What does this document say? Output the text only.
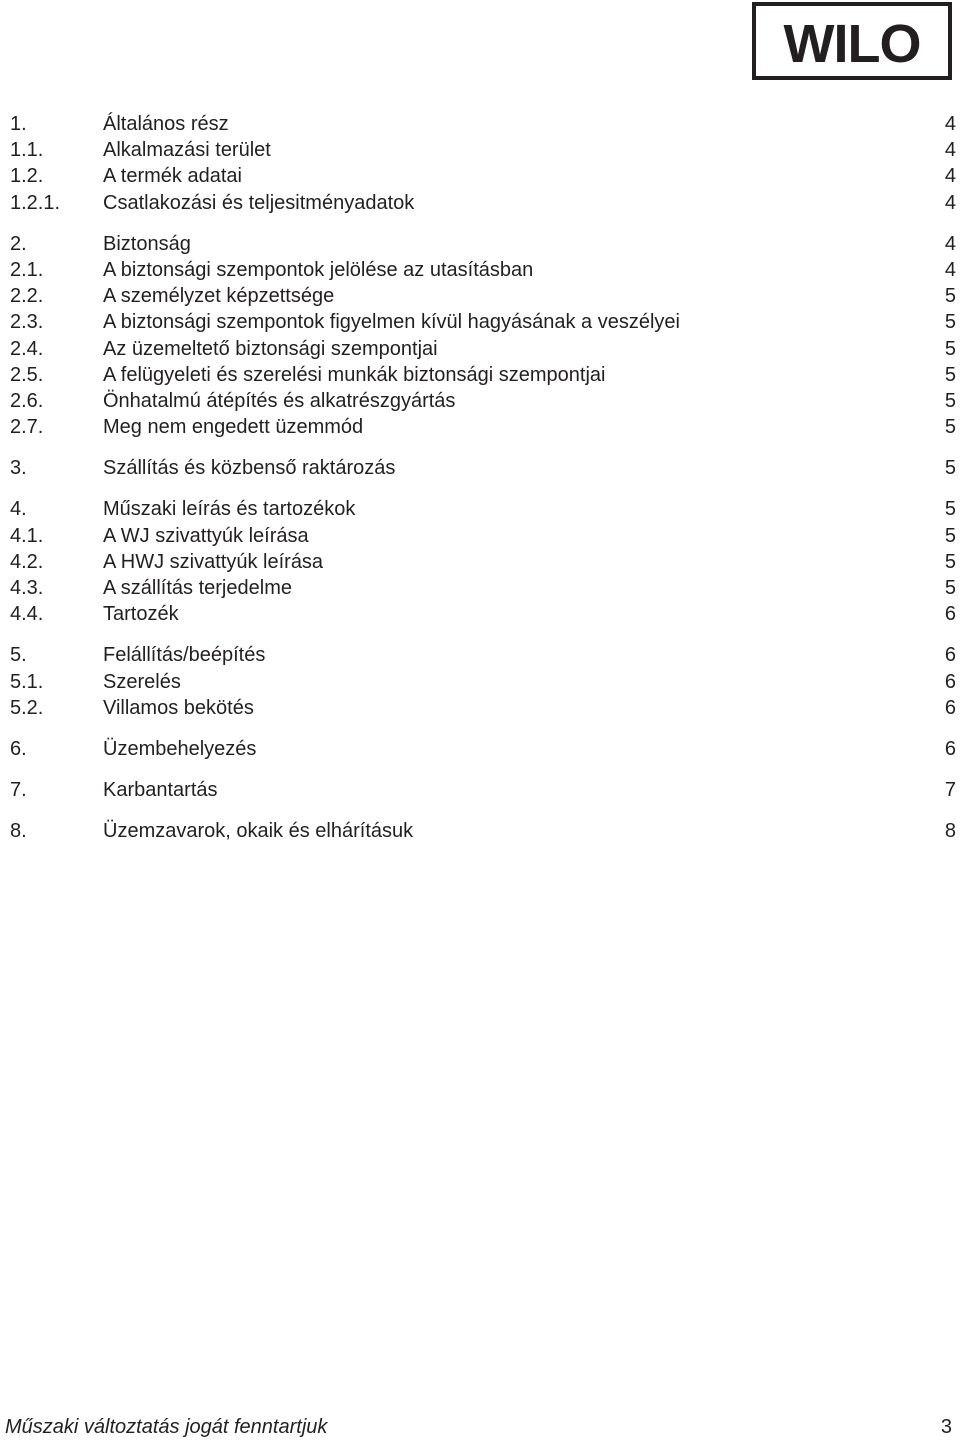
WILO
1.	Általános rész	4
1.1.	Alkalmazási terület	4
1.2.	A termék adatai	4
1.2.1. Csatlakozási és teljesitményadatok	4
2.	Biztonság	4
2.1.	A biztonsági szempontok jelölése az utasításban	4
2.2.	A személyzet képzettsége	5
2.3.	A biztonsági szempontok figyelmen kívül hagyásának a veszélyei	5
2.4.	Az üzemeltető biztonsági szempontjai	5
2.5.	A felügyeleti és szerelési munkák biztonsági szempontjai	5
2.6.	Önhatalmú átépítés és alkatrészgyártás	5
2.7.	Meg nem engedett üzemmód	5
3.	Szállítás és közbenső raktározás	5
4.	Műszaki leírás és tartozékok	5
4.1.	A WJ szivattyúk leírása	5
4.2.	A HWJ szivattyúk leírása	5
4.3.	A szállítás terjedelme	5
4.4.	Tartozék	6
5.	Felállítás/beépítés	6
5.1.	Szerelés	6
5.2.	Villamos bekötés	6
6.	Üzembehelyezés	6
7.	Karbantartás	7
8.	Üzemzavarok, okaik és elhárításuk	8
Műszaki változtatás jogát fenntartjuk	3
